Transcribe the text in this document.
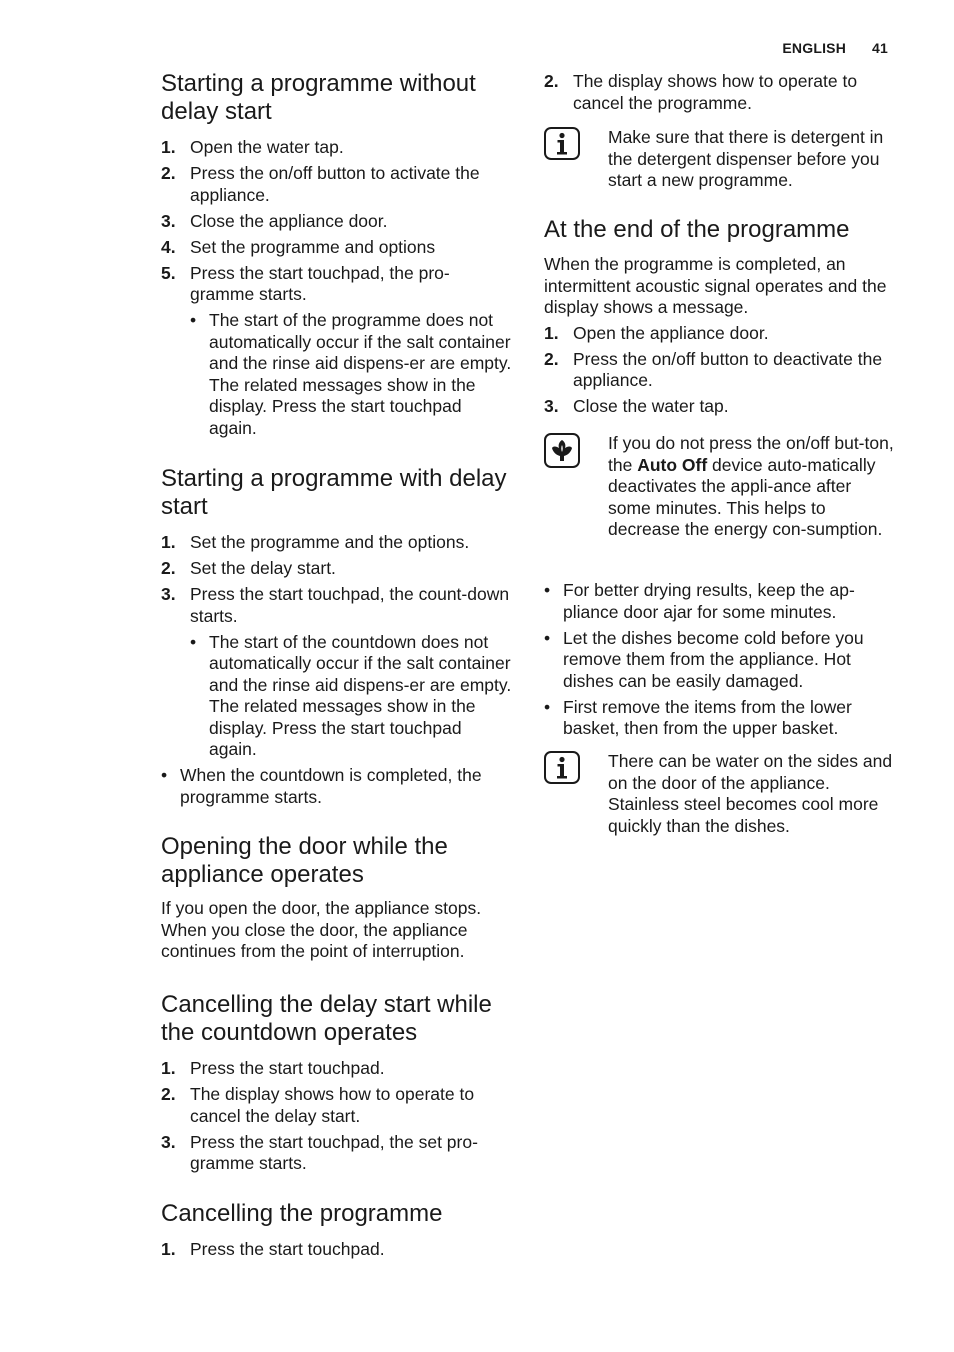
ENGLISH 41
Starting a programme without delay start
1. Open the water tap.
2. Press the on/off button to activate the appliance.
3. Close the appliance door.
4. Set the programme and options
5. Press the start touchpad, the pro-gramme starts.
• The start of the programme does not automatically occur if the salt container and the rinse aid dispens-er are empty. The related messages show in the display. Press the start touchpad again.
Starting a programme with delay start
1. Set the programme and the options.
2. Set the delay start.
3. Press the start touchpad, the count-down starts.
• The start of the countdown does not automatically occur if the salt container and the rinse aid dispens-er are empty. The related messages show in the display. Press the start touchpad again.
• When the countdown is completed, the programme starts.
Opening the door while the appliance operates

If you open the door, the appliance stops. When you close the door, the appliance continues from the point of interruption.

Cancelling the delay start while the countdown operates
1. Press the start touchpad.
2. The display shows how to operate to cancel the delay start.
3. Press the start touchpad, the set pro-gramme starts.
Cancelling the programme
1. Press the start touchpad.
2. The display shows how to operate to cancel the programme.
Make sure that there is detergent in the detergent dispenser before you start a new programme.
At the end of the programme

When the programme is completed, an intermittent acoustic signal operates and the display shows a message.

1. Open the appliance door.
2. Press the on/off button to deactivate the appliance.
3. Close the water tap.
If you do not press the on/off but-ton, the Auto Off device auto-matically deactivates the appli-ance after some minutes. This helps to decrease the energy con-sumption.
• For better drying results, keep the ap-pliance door ajar for some minutes.
• Let the dishes become cold before you remove them from the appliance. Hot dishes can be easily damaged.
• First remove the items from the lower basket, then from the upper basket.
There can be water on the sides and on the door of the appliance. Stainless steel becomes cool more quickly than the dishes.
